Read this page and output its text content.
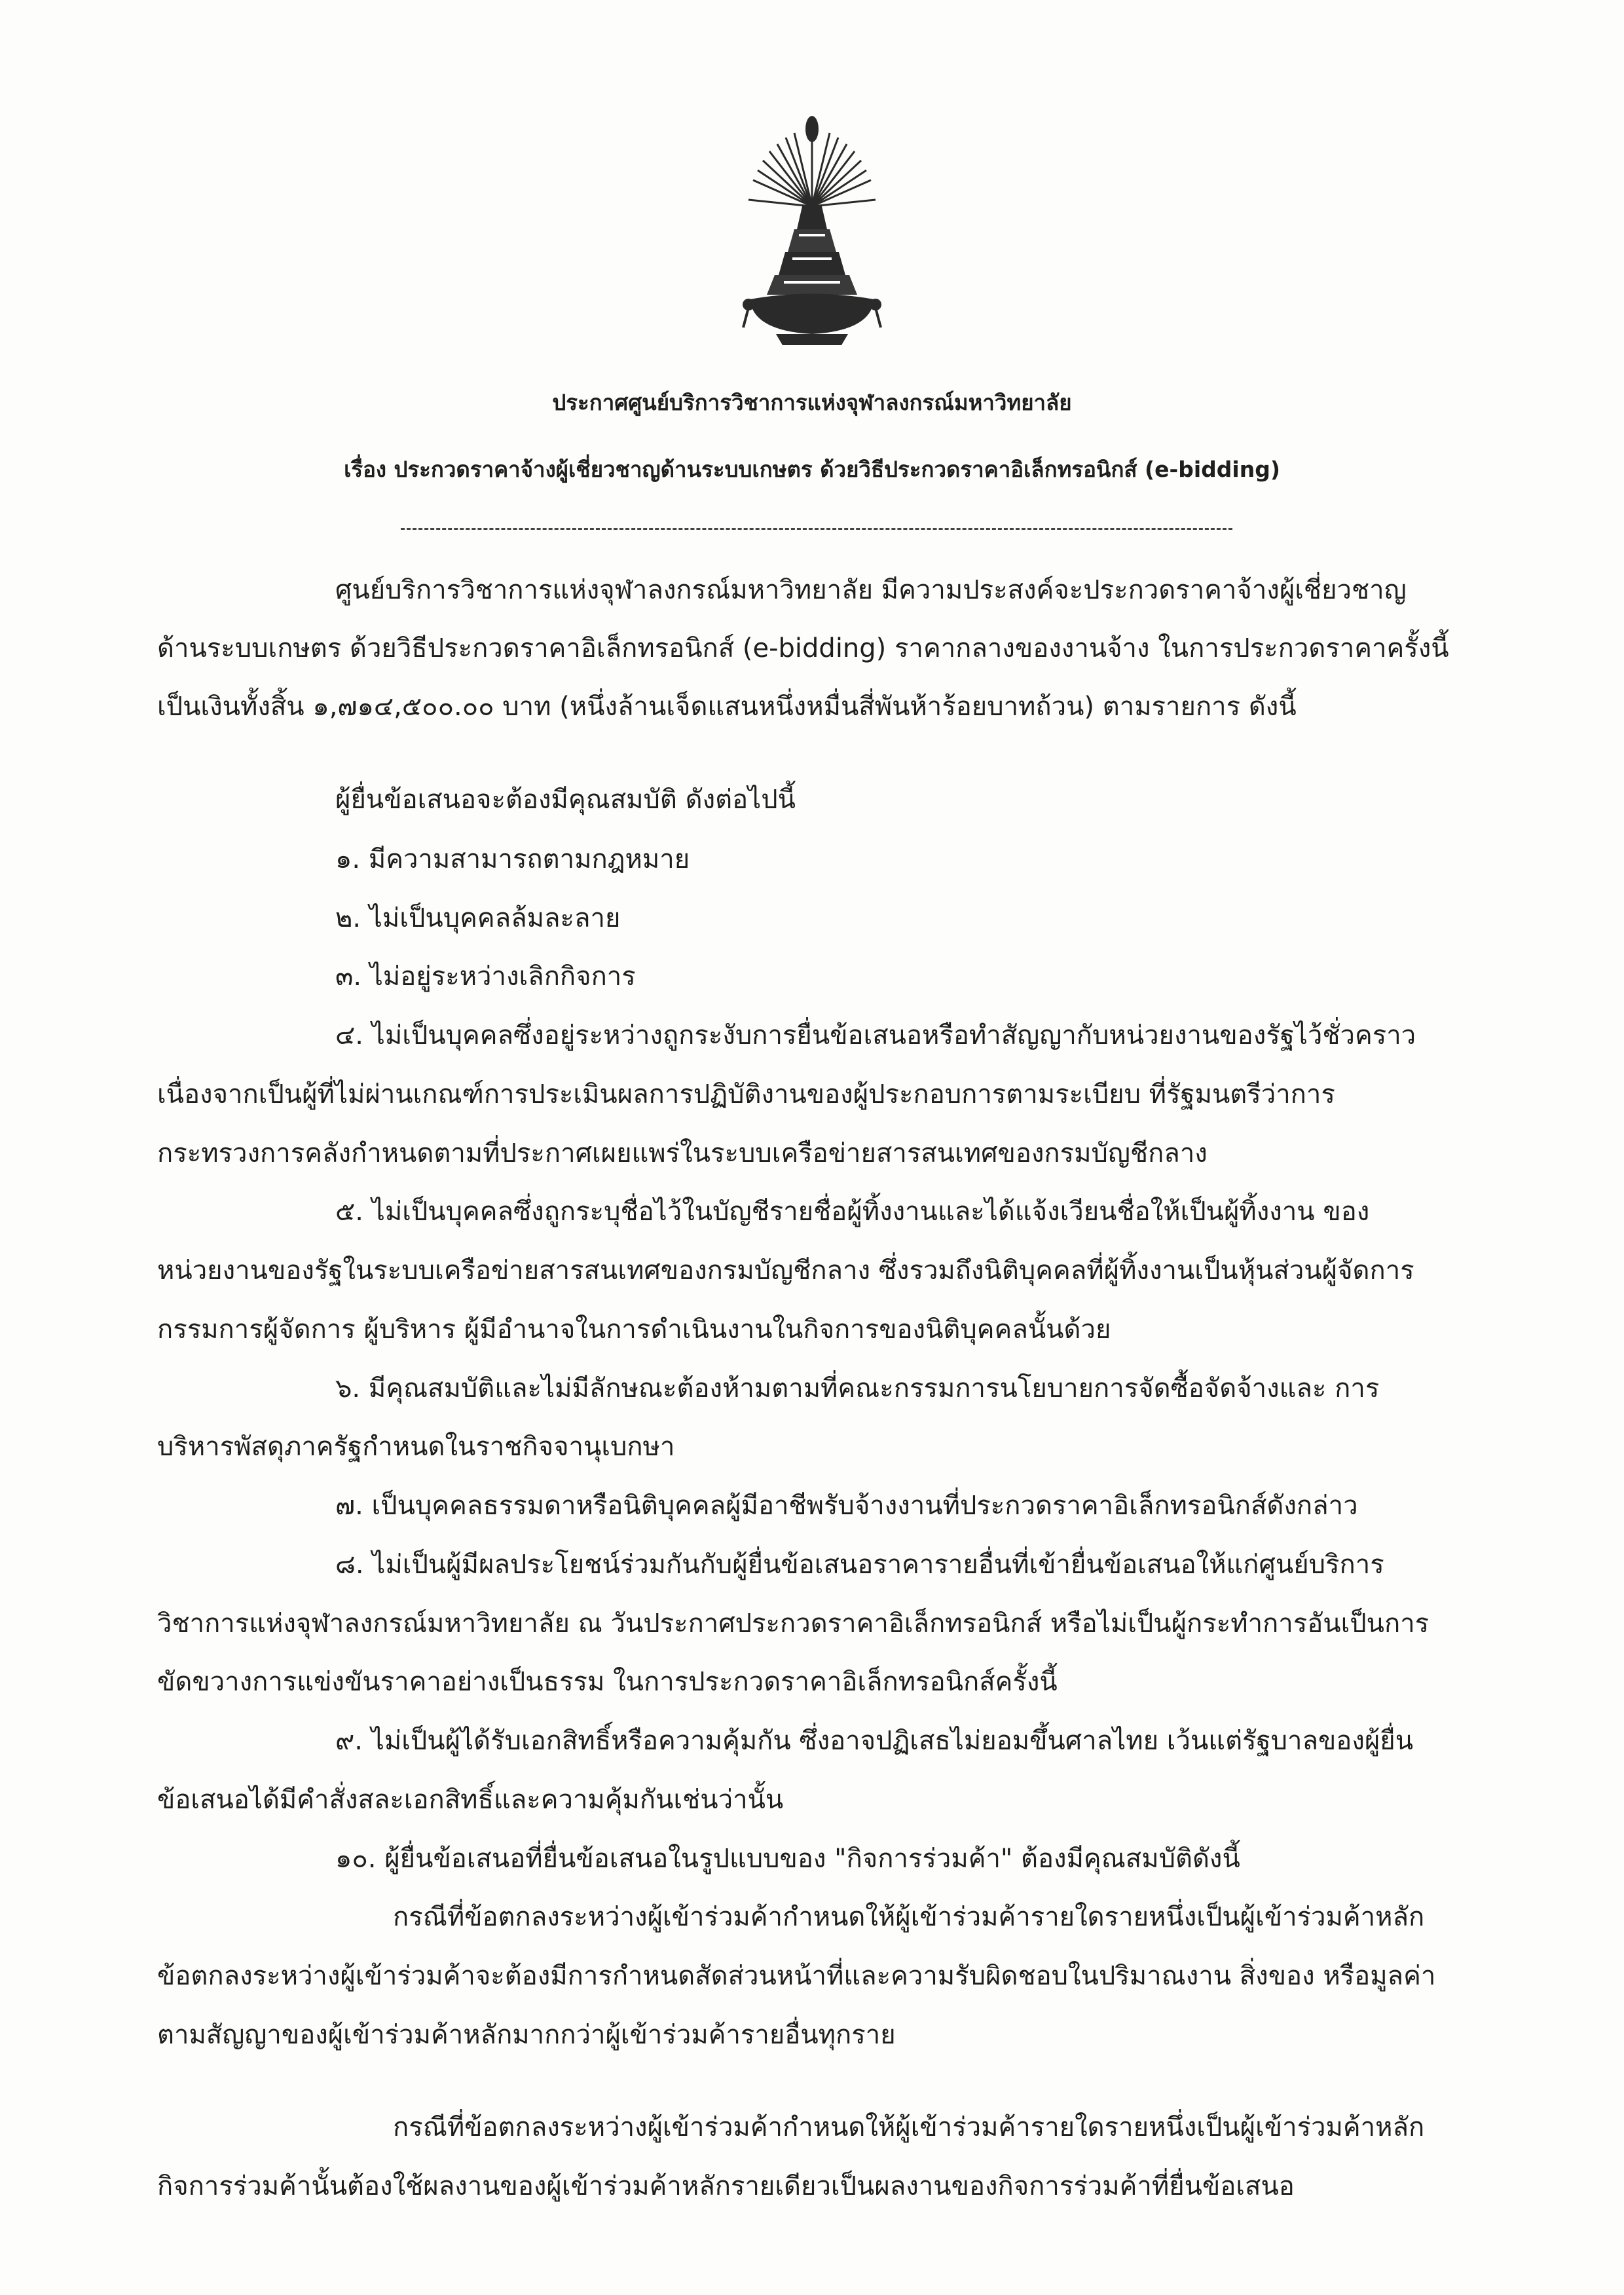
ประกาศศูนย์บริการวิชาการแห่งจุฬาลงกรณ์มหาวิทยาลัย
เรื่อง ประกวดราคาจ้างผู้เชี่ยวชาญด้านระบบเกษตร ด้วยวิธีประกวดราคาอิเล็กทรอนิกส์ (e-bidding)
ศูนย์บริการวิชาการแห่งจุฬาลงกรณ์มหาวิทยาลัย มีความประสงค์จะประกวดราคาจ้างผู้เชี่ยวชาญ
ด้านระบบเกษตร ด้วยวิธีประกวดราคาอิเล็กทรอนิกส์ (e-bidding) ราคากลางของงานจ้าง ในการประกวดราคาครั้งนี้
เป็นเงินทั้งสิ้น ๑,๗๑๔,๕๐๐.๐๐ บาท (หนึ่งล้านเจ็ดแสนหนึ่งหมื่นสี่พันห้าร้อยบาทถ้วน) ตามรายการ ดังนี้
ผู้ยื่นข้อเสนอจะต้องมีคุณสมบัติ ดังต่อไปนี้
๑. มีความสามารถตามกฎหมาย
๒. ไม่เป็นบุคคลล้มละลาย
๓. ไม่อยู่ระหว่างเลิกกิจการ
๔. ไม่เป็นบุคคลซึ่งอยู่ระหว่างถูกระงับการยื่นข้อเสนอหรือทำสัญญากับหน่วยงานของรัฐไว้ชั่วคราว
เนื่องจากเป็นผู้ที่ไม่ผ่านเกณฑ์การประเมินผลการปฏิบัติงานของผู้ประกอบการตามระเบียบ ที่รัฐมนตรีว่าการ
กระทรวงการคลังกำหนดตามที่ประกาศเผยแพร่ในระบบเครือข่ายสารสนเทศของกรมบัญชีกลาง
๕. ไม่เป็นบุคคลซึ่งถูกระบุชื่อไว้ในบัญชีรายชื่อผู้ทิ้งงานและได้แจ้งเวียนชื่อให้เป็นผู้ทิ้งงาน ของ
หน่วยงานของรัฐในระบบเครือข่ายสารสนเทศของกรมบัญชีกลาง ซึ่งรวมถึงนิติบุคคลที่ผู้ทิ้งงานเป็นหุ้นส่วนผู้จัดการ
กรรมการผู้จัดการ ผู้บริหาร ผู้มีอำนาจในการดำเนินงานในกิจการของนิติบุคคลนั้นด้วย
๖. มีคุณสมบัติและไม่มีลักษณะต้องห้ามตามที่คณะกรรมการนโยบายการจัดซื้อจัดจ้างและ การ
บริหารพัสดุภาครัฐกำหนดในราชกิจจานุเบกษา
๗. เป็นบุคคลธรรมดาหรือนิติบุคคลผู้มีอาชีพรับจ้างงานที่ประกวดราคาอิเล็กทรอนิกส์ดังกล่าว
๘. ไม่เป็นผู้มีผลประโยชน์ร่วมกันกับผู้ยื่นข้อเสนอราคารายอื่นที่เข้ายื่นข้อเสนอให้แก่ศูนย์บริการ
วิชาการแห่งจุฬาลงกรณ์มหาวิทยาลัย ณ วันประกาศประกวดราคาอิเล็กทรอนิกส์ หรือไม่เป็นผู้กระทำการอันเป็นการ
ขัดขวางการแข่งขันราคาอย่างเป็นธรรม ในการประกวดราคาอิเล็กทรอนิกส์ครั้งนี้
๙. ไม่เป็นผู้ได้รับเอกสิทธิ์หรือความคุ้มกัน ซึ่งอาจปฏิเสธไม่ยอมขึ้นศาลไทย เว้นแต่รัฐบาลของผู้ยื่น
ข้อเสนอได้มีคำสั่งสละเอกสิทธิ์และความคุ้มกันเช่นว่านั้น
๑๐. ผู้ยื่นข้อเสนอที่ยื่นข้อเสนอในรูปแบบของ "กิจการร่วมค้า" ต้องมีคุณสมบัติดังนี้
กรณีที่ข้อตกลงระหว่างผู้เข้าร่วมค้ากำหนดให้ผู้เข้าร่วมค้ารายใดรายหนึ่งเป็นผู้เข้าร่วมค้าหลัก
ข้อตกลงระหว่างผู้เข้าร่วมค้าจะต้องมีการกำหนดสัดส่วนหน้าที่และความรับผิดชอบในปริมาณงาน สิ่งของ หรือมูลค่า
ตามสัญญาของผู้เข้าร่วมค้าหลักมากกว่าผู้เข้าร่วมค้ารายอื่นทุกราย
กรณีที่ข้อตกลงระหว่างผู้เข้าร่วมค้ากำหนดให้ผู้เข้าร่วมค้ารายใดรายหนึ่งเป็นผู้เข้าร่วมค้าหลัก
กิจการร่วมค้านั้นต้องใช้ผลงานของผู้เข้าร่วมค้าหลักรายเดียวเป็นผลงานของกิจการร่วมค้าที่ยื่นข้อเสนอ
